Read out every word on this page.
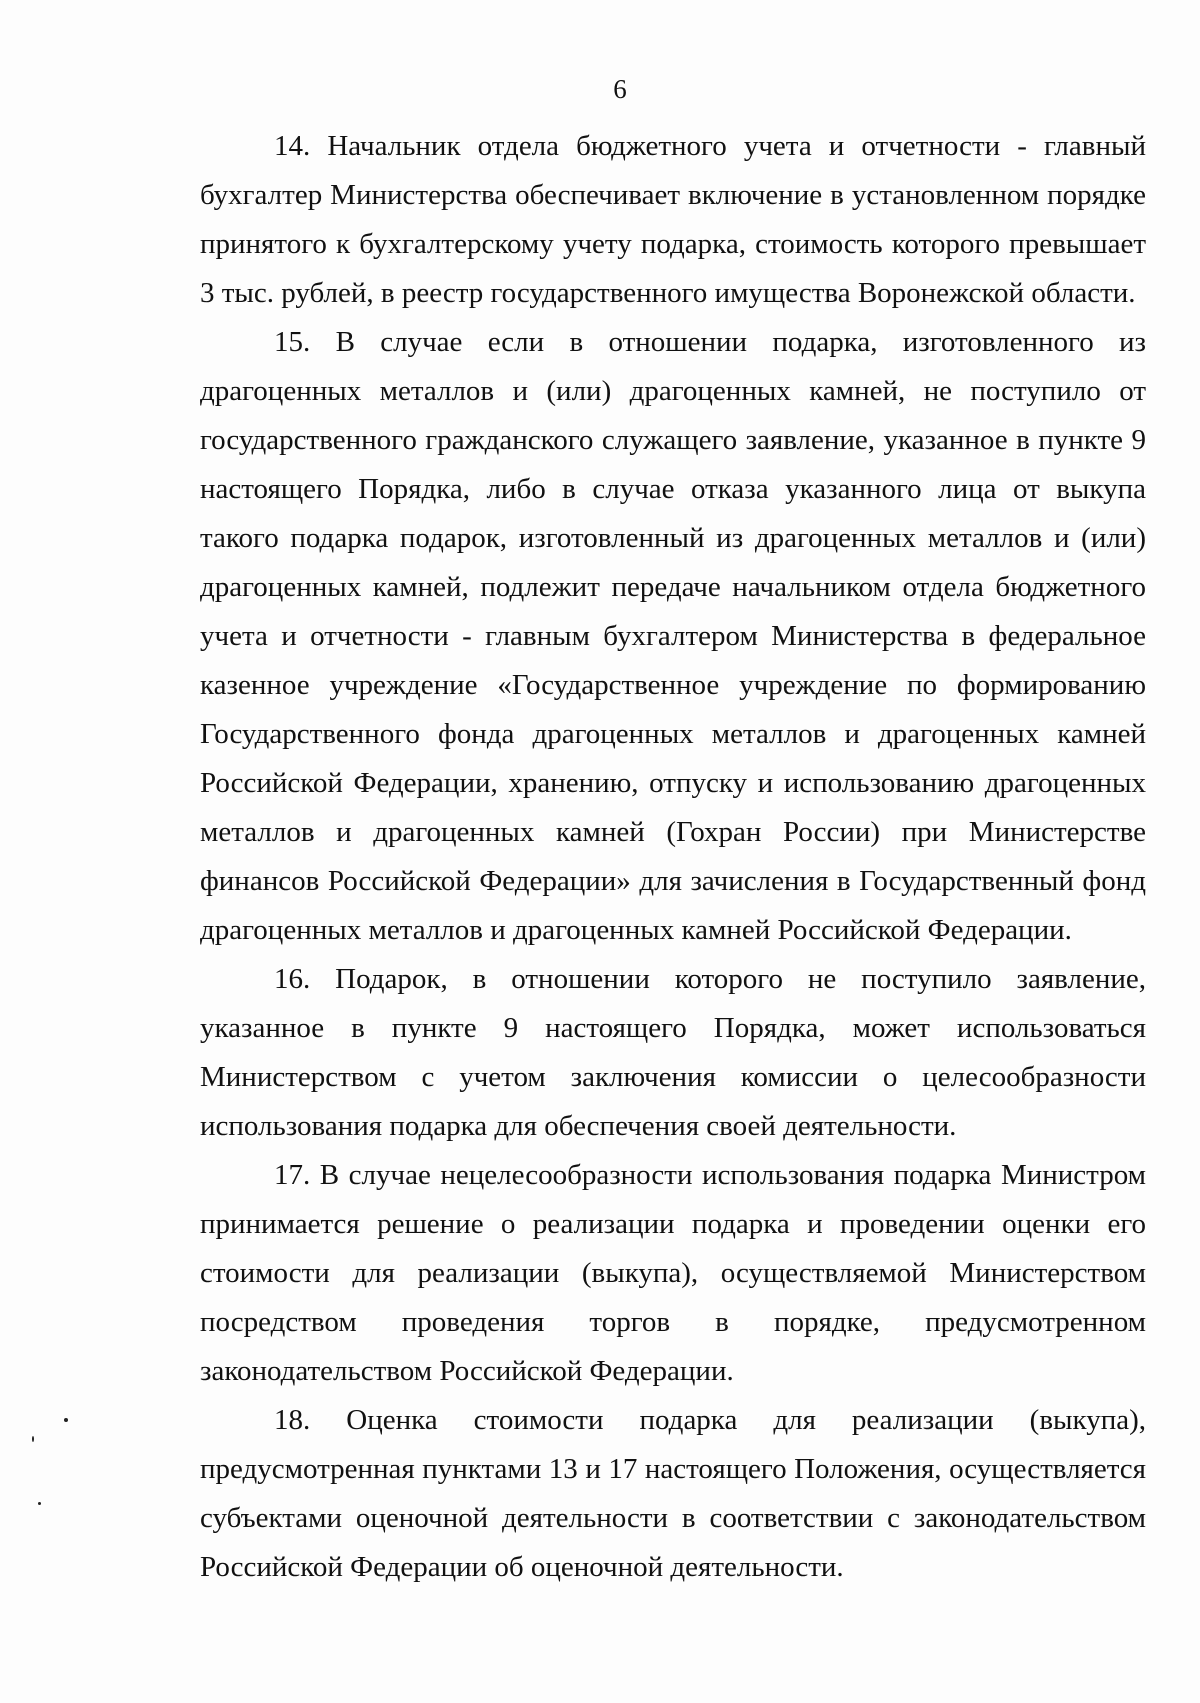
6

14. Начальник отдела бюджетного учета и отчетности - главный бухгалтер Министерства обеспечивает включение в установленном порядке принятого к бухгалтерскому учету подарка, стоимость которого превышает 3 тыс. рублей, в реестр государственного имущества Воронежской области.

15. В случае если в отношении подарка, изготовленного из драгоценных металлов и (или) драгоценных камней, не поступило от государственного гражданского служащего заявление, указанное в пункте 9 настоящего Порядка, либо в случае отказа указанного лица от выкупа такого подарка подарок, изготовленный из драгоценных металлов и (или) драгоценных камней, подлежит передаче начальником отдела бюджетного учета и отчетности - главным бухгалтером Министерства в федеральное казенное учреждение «Государственное учреждение по формированию Государственного фонда драгоценных металлов и драгоценных камней Российской Федерации, хранению, отпуску и использованию драгоценных металлов и драгоценных камней (Гохран России) при Министерстве финансов Российской Федерации» для зачисления в Государственный фонд драгоценных металлов и драгоценных камней Российской Федерации.

16. Подарок, в отношении которого не поступило заявление, указанное в пункте 9 настоящего Порядка, может использоваться Министерством с учетом заключения комиссии о целесообразности использования подарка для обеспечения своей деятельности.

17. В случае нецелесообразности использования подарка Министром принимается решение о реализации подарка и проведении оценки его стоимости для реализации (выкупа), осуществляемой Министерством посредством проведения торгов в порядке, предусмотренном законодательством Российской Федерации.

18. Оценка стоимости подарка для реализации (выкупа), предусмотренная пунктами 13 и 17 настоящего Положения, осуществляется субъектами оценочной деятельности в соответствии с законодательством Российской Федерации об оценочной деятельности.
